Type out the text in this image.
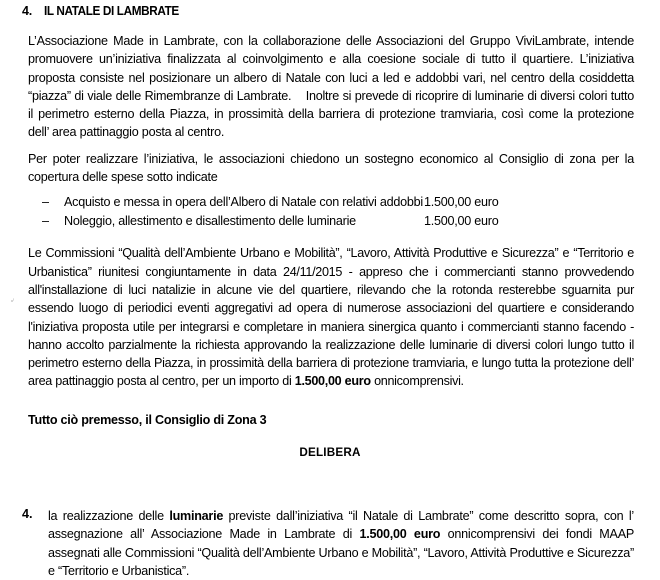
4. IL NATALE DI LAMBRATE

L’Associazione Made in Lambrate, con la collaborazione delle Associazioni del Gruppo ViviLambrate, intende promuovere un’iniziativa finalizzata al coinvolgimento e alla coesione sociale di tutto il quartiere. L’iniziativa proposta consiste nel posizionare un albero di Natale con luci a led e addobbi vari, nel centro della cosiddetta “piazza” di viale delle Rimembranze di Lambrate. Inoltre si prevede di ricoprire di luminarie di diversi colori tutto il perimetro esterno della Piazza, in prossimità della barriera di protezione tramviaria, così come la protezione dell’ area pattinaggio posta al centro.

Per poter realizzare l’iniziativa, le associazioni chiedono un sostegno economico al Consiglio di zona per la copertura delle spese sotto indicate

–	Acquisto e messa in opera dell’Albero di Natale con relativi addobbi 1.500,00 euro
–	Noleggio, allestimento e disallestimento delle luminarie	1.500,00 euro

Le Commissioni “Qualità dell’Ambiente Urbano e Mobilità”, “Lavoro, Attività Produttive e Sicurezza” e “Territorio e Urbanistica” riunitesi congiuntamente in data 24/11/2015 - appreso che i commercianti stanno provvedendo all'installazione di luci natalizie in alcune vie del quartiere, rilevando che la rotonda resterebbe sguarnita pur essendo luogo di periodici eventi aggregativi ad opera di numerose associazioni del quartiere e considerando l'iniziativa proposta utile per integrarsi e completare in maniera sinergica quanto i commercianti stanno facendo - hanno accolto parzialmente la richiesta approvando la realizzazione delle luminarie di diversi colori lungo tutto il perimetro esterno della Piazza, in prossimità della barriera di protezione tramviaria, e lungo tutta la protezione dell’ area pattinaggio posta al centro, per un importo di 1.500,00 euro onnicomprensivi.

Tutto ciò premesso, il Consiglio di Zona 3
DELIBERA
4.	la realizzazione delle luminarie previste dall’iniziativa “il Natale di Lambrate” come descritto sopra, con l’ assegnazione all’ Associazione Made in Lambrate di 1.500,00 euro onnicomprensivi dei fondi MAAP assegnati alle Commissioni “Qualità dell’Ambiente Urbano e Mobilità”, “Lavoro, Attività Produttive e Sicurezza” e “Territorio e Urbanistica”.
